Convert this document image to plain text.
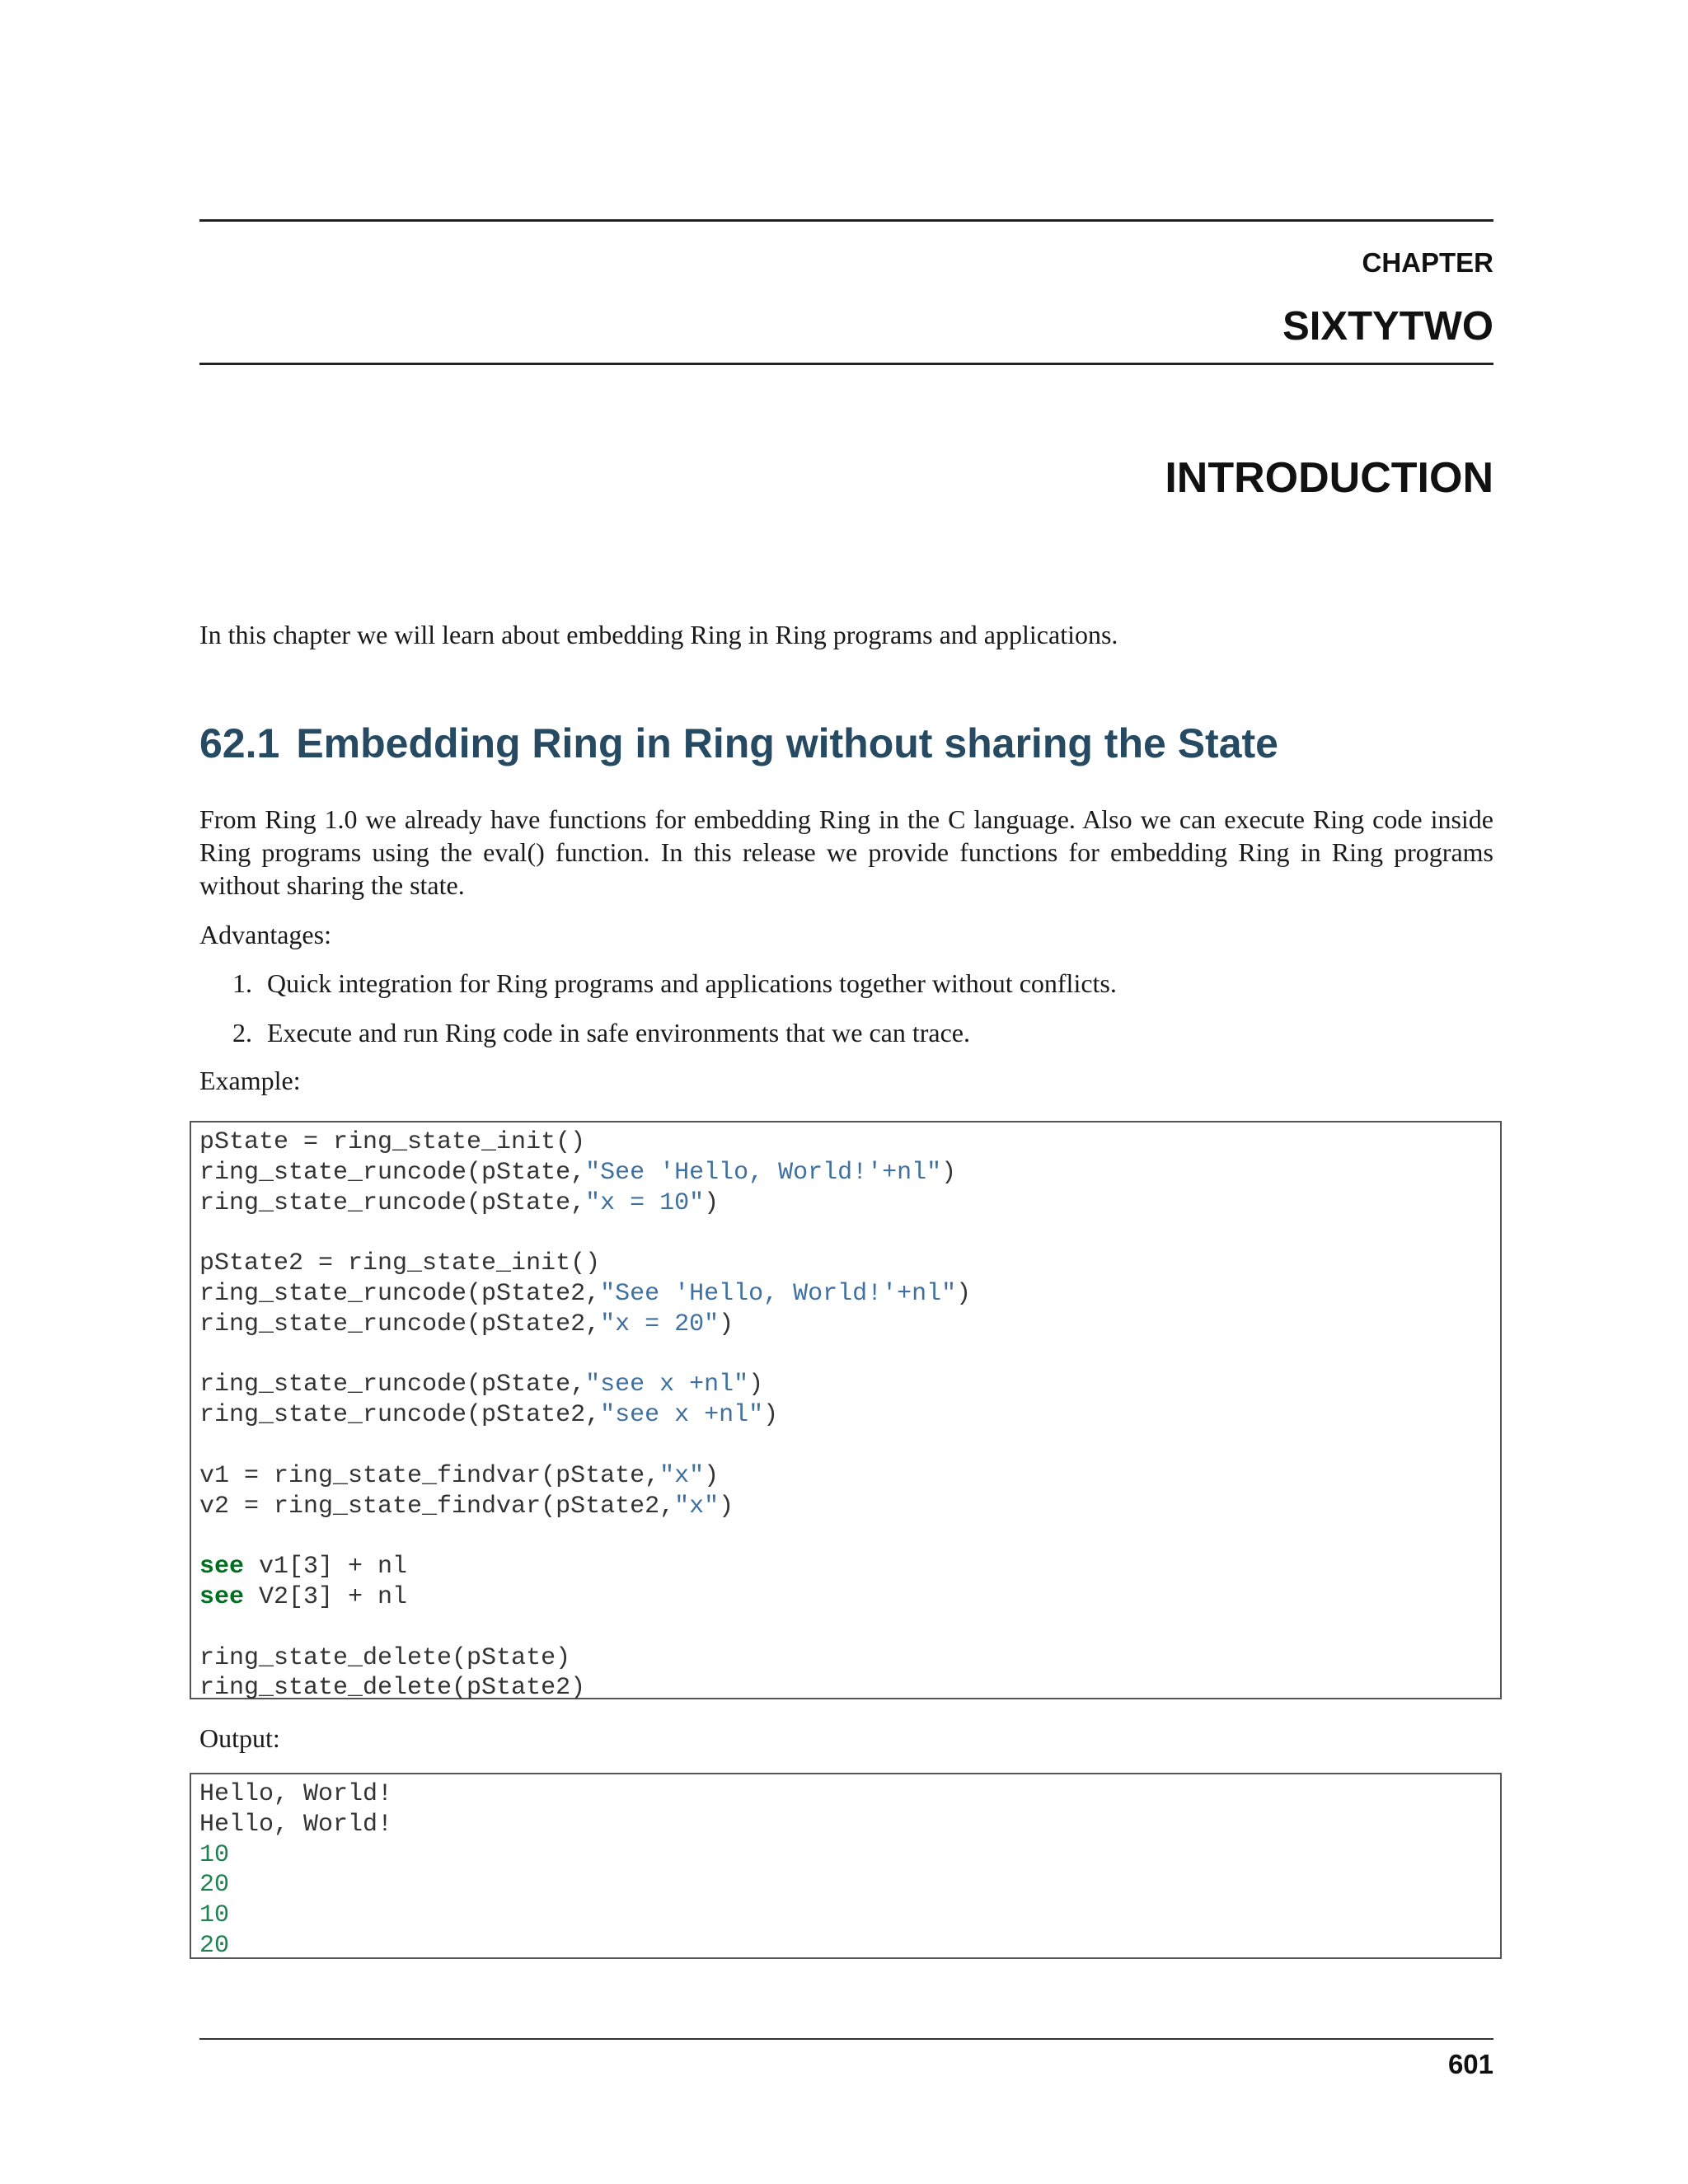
CHAPTER
SIXTYTWO
INTRODUCTION

In this chapter we will learn about embedding Ring in Ring programs and applications.

62.1 Embedding Ring in Ring without sharing the State

From Ring 1.0 we already have functions for embedding Ring in the C language. Also we can execute Ring code inside Ring programs using the eval() function. In this release we provide functions for embedding Ring in Ring programs without sharing the state.

Advantages:

1. Quick integration for Ring programs and applications together without conflicts.
2. Execute and run Ring code in safe environments that we can trace.

Example:

pState = ring_state_init()
ring_state_runcode(pState,"See 'Hello, World!'+nl")
ring_state_runcode(pState,"x = 10")

pState2 = ring_state_init()
ring_state_runcode(pState2,"See 'Hello, World!'+nl")
ring_state_runcode(pState2,"x = 20")

ring_state_runcode(pState,"see x +nl")
ring_state_runcode(pState2,"see x +nl")

v1 = ring_state_findvar(pState,"x")
v2 = ring_state_findvar(pState2,"x")

see v1[3] + nl
see V2[3] + nl

ring_state_delete(pState)
ring_state_delete(pState2)

Output:

Hello, World!
Hello, World!
10
20
10
20
601
